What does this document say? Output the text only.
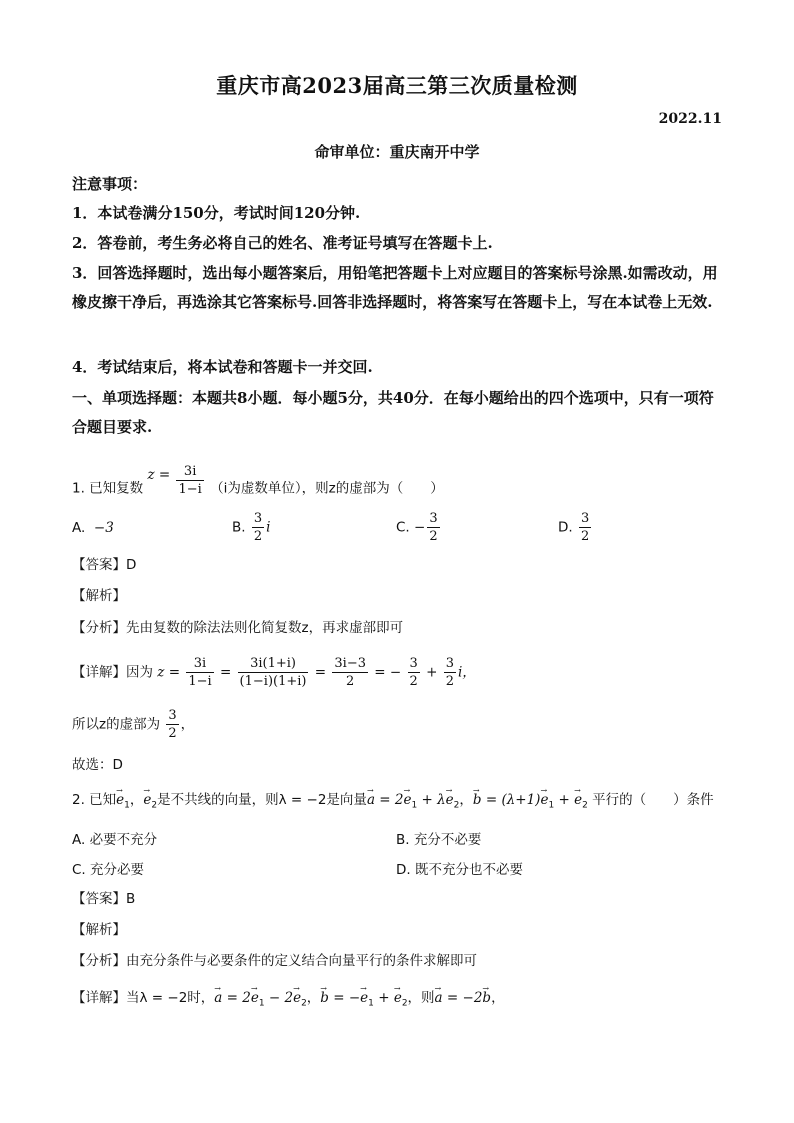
重庆市高2023届高三第三次质量检测
2022.11
命审单位：重庆南开中学

注意事项：

1．本试卷满分150分，考试时间120分钟.

2．答卷前，考生务必将自己的姓名、准考证号填写在答题卡上.

3．回答选择题时，选出每小题答案后，用铅笔把答题卡上对应题目的答案标号涂黑.如需改动，用橡皮擦干净后，再选涂其它答案标号.回答非选择题时，将答案写在答题卡上，写在本试卷上无效.

4．考试结束后，将本试卷和答题卡一并交回.

一、单项选择题：本题共8小题．每小题5分，共40分．在每小题给出的四个选项中，只有一项符合题目要求.

1. 已知复数 $z = \frac{3i}{1-i} (i$为虚数单位），则z的虚部为（　　）
A. −3	B. $\frac{3}{2}$ i	C. − $\frac{3}{2}$	D. $\frac{3}{2}$
【答案】D
【解析】
【分析】先由复数的除法法则化简复数z，再求虚部即可
【详解】因为 $z = \frac{3i}{1-i} = \frac{3i(1+i)}{(1-i)(1+i)} = \frac{3i-3}{2}$ = − $\frac{3}{2} + \frac{3}{2}$ i，
所以z的虚部为 $\frac{3}{2}$ ，
故选：D
2. 已知→ $e_1$，→ $e_2$是不共线的向量，则λ = −2是向量→ $a = 2\to e_1 + \lambda\to e_2$，→ $b = (\lambda+1)\to e_1$ + → $e_2$ 平行的（　　）条件
A. 必要不充分	B. 充分不必要
C. 充分必要	D. 既不充分也不必要
【答案】B
【解析】
【分析】由充分条件与必要条件的定义结合向量平行的条件求解即可
【详解】当λ = −2时，→ $a = 2\to e_1 - 2\to e_2$，→ b = −→ $e_1$ + → $e_2$，则→ a = −2→ b，
